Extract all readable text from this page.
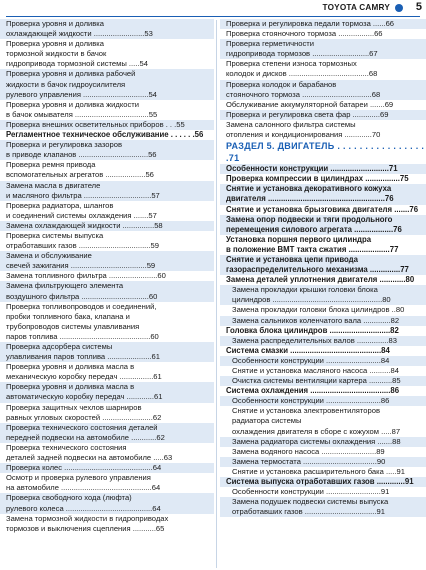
TOYOTA CAMRY 5
Проверка уровня и доливка
охлаждающей жидкости ........................53
Проверка уровня и доливка
тормозной жидкости в бачок
гидропривода тормозной системы .....54
Проверка уровня и доливка рабочей
жидкости в бачок гидроусилителя
рулевого управления ...............................54
Проверка уровня и доливка жидкости
в бачок омывателя ...................................55
Проверка внешних осветительных приборов . . .55
Регламентное техническое обслуживание . . . . . .56
Проверка и регулировка зазоров
в приводе клапанов .................................56
Проверка ремня привода
вспомогательных агрегатов ...................56
Замена масла в двигателе
и масляного фильтра ................................57
Проверка радиатора, шлангов
и соединений системы охлаждения .......57
Замена охлаждающей жидкости ...............58
Проверка системы выпуска
отработавших газов ..................................59
Замена и обслуживание
свечей зажигания ....................................59
Замена топливного фильтра .......................60
Замена фильтрующего элемента
воздушного фильтра ................................60
Проверка топливопроводов и соединений,
пробки топливного бака, клапана и
трубопроводов системы улавливания
паров топлива ...........................................60
Проверка адсорбера системы
улавливания паров топлива .....................61
Проверка уровня и доливка масла в
механическую коробку передач ................61
Проверка уровня и доливка масла в
автоматическую коробку передач .............61
Проверка защитных чехлов шарниров
равных угловых скоростей ........................62
Проверка технического состояния деталей
передней подвески на автомобиле ............62
Проверка технического состояния
деталей задней подвески на автомобиле .....63
Проверка колес ..........................................64
Осмотр и проверка рулевого управления
на автомобиле ...........................................64
Проверка свободного хода (люфта)
рулевого колеса .........................................64
Замена тормозной жидкости в гидроприводах
тормозов и выключения сцепления ...........65
Проверка и регулировка педали тормоза ......66
Проверка стояночного тормоза .................66
Проверка герметичности
гидропривода тормозов ...........................67
Проверка степени износа тормозных
колодок и дисков ......................................68
Проверка колодок и барабанов
стояночного тормоза .................................68
Обслуживание аккумуляторной батареи .......69
Проверка и регулировка света фар .............69
Замена салонного фильтра системы
отопления и кондиционирования .............70
РАЗДЕЛ 5. ДВИГАТЕЛЬ . . . . . . . . . . . . . . . . .71
Особенности конструкции ...........................71
Проверка компрессии в цилиндрах ................75
Снятие и установка декоративного кожуха
двигателя ......................................................76
Снятие и установка брызговика двигателя .......76
Замена опор подвески и тяги продольного
перемещения силового агрегата ..................76
Установка поршня первого цилиндра
в положение ВМТ такта сжатия ...................77
Снятие и установка цепи привода
газораспределительного механизма ..............77
Замена деталей уплотнения двигателя ............80
Замена прокладки крышки головки блока
цилиндров ....................................................80
Замена прокладки головки блока цилиндров ..80
Замена сальников коленчатого вала .............82
Головка блока цилиндров ............................82
Замена распределительных валов ...............83
Система смазки ..........................................84
Особенности конструкции ..........................84
Снятие и установка масляного насоса ..........84
Очистка системы вентиляции картера ...........85
Система охлаждения .....................................86
Особенности конструкции ..........................86
Снятие и установка электровентиляторов
радиатора системы
охлаждения двигателя в сборе с кожухом .....87
Замена радиатора системы охлаждения .......88
Замена водяного насоса ..........................89
Замена термостата ...................................90
Снятие и установка расширительного бака .....91
Система выпуска отработавших газов .............91
Особенности конструкции ..........................91
Замена подушек подвески системы выпуска
отработавших газов ..................................91
